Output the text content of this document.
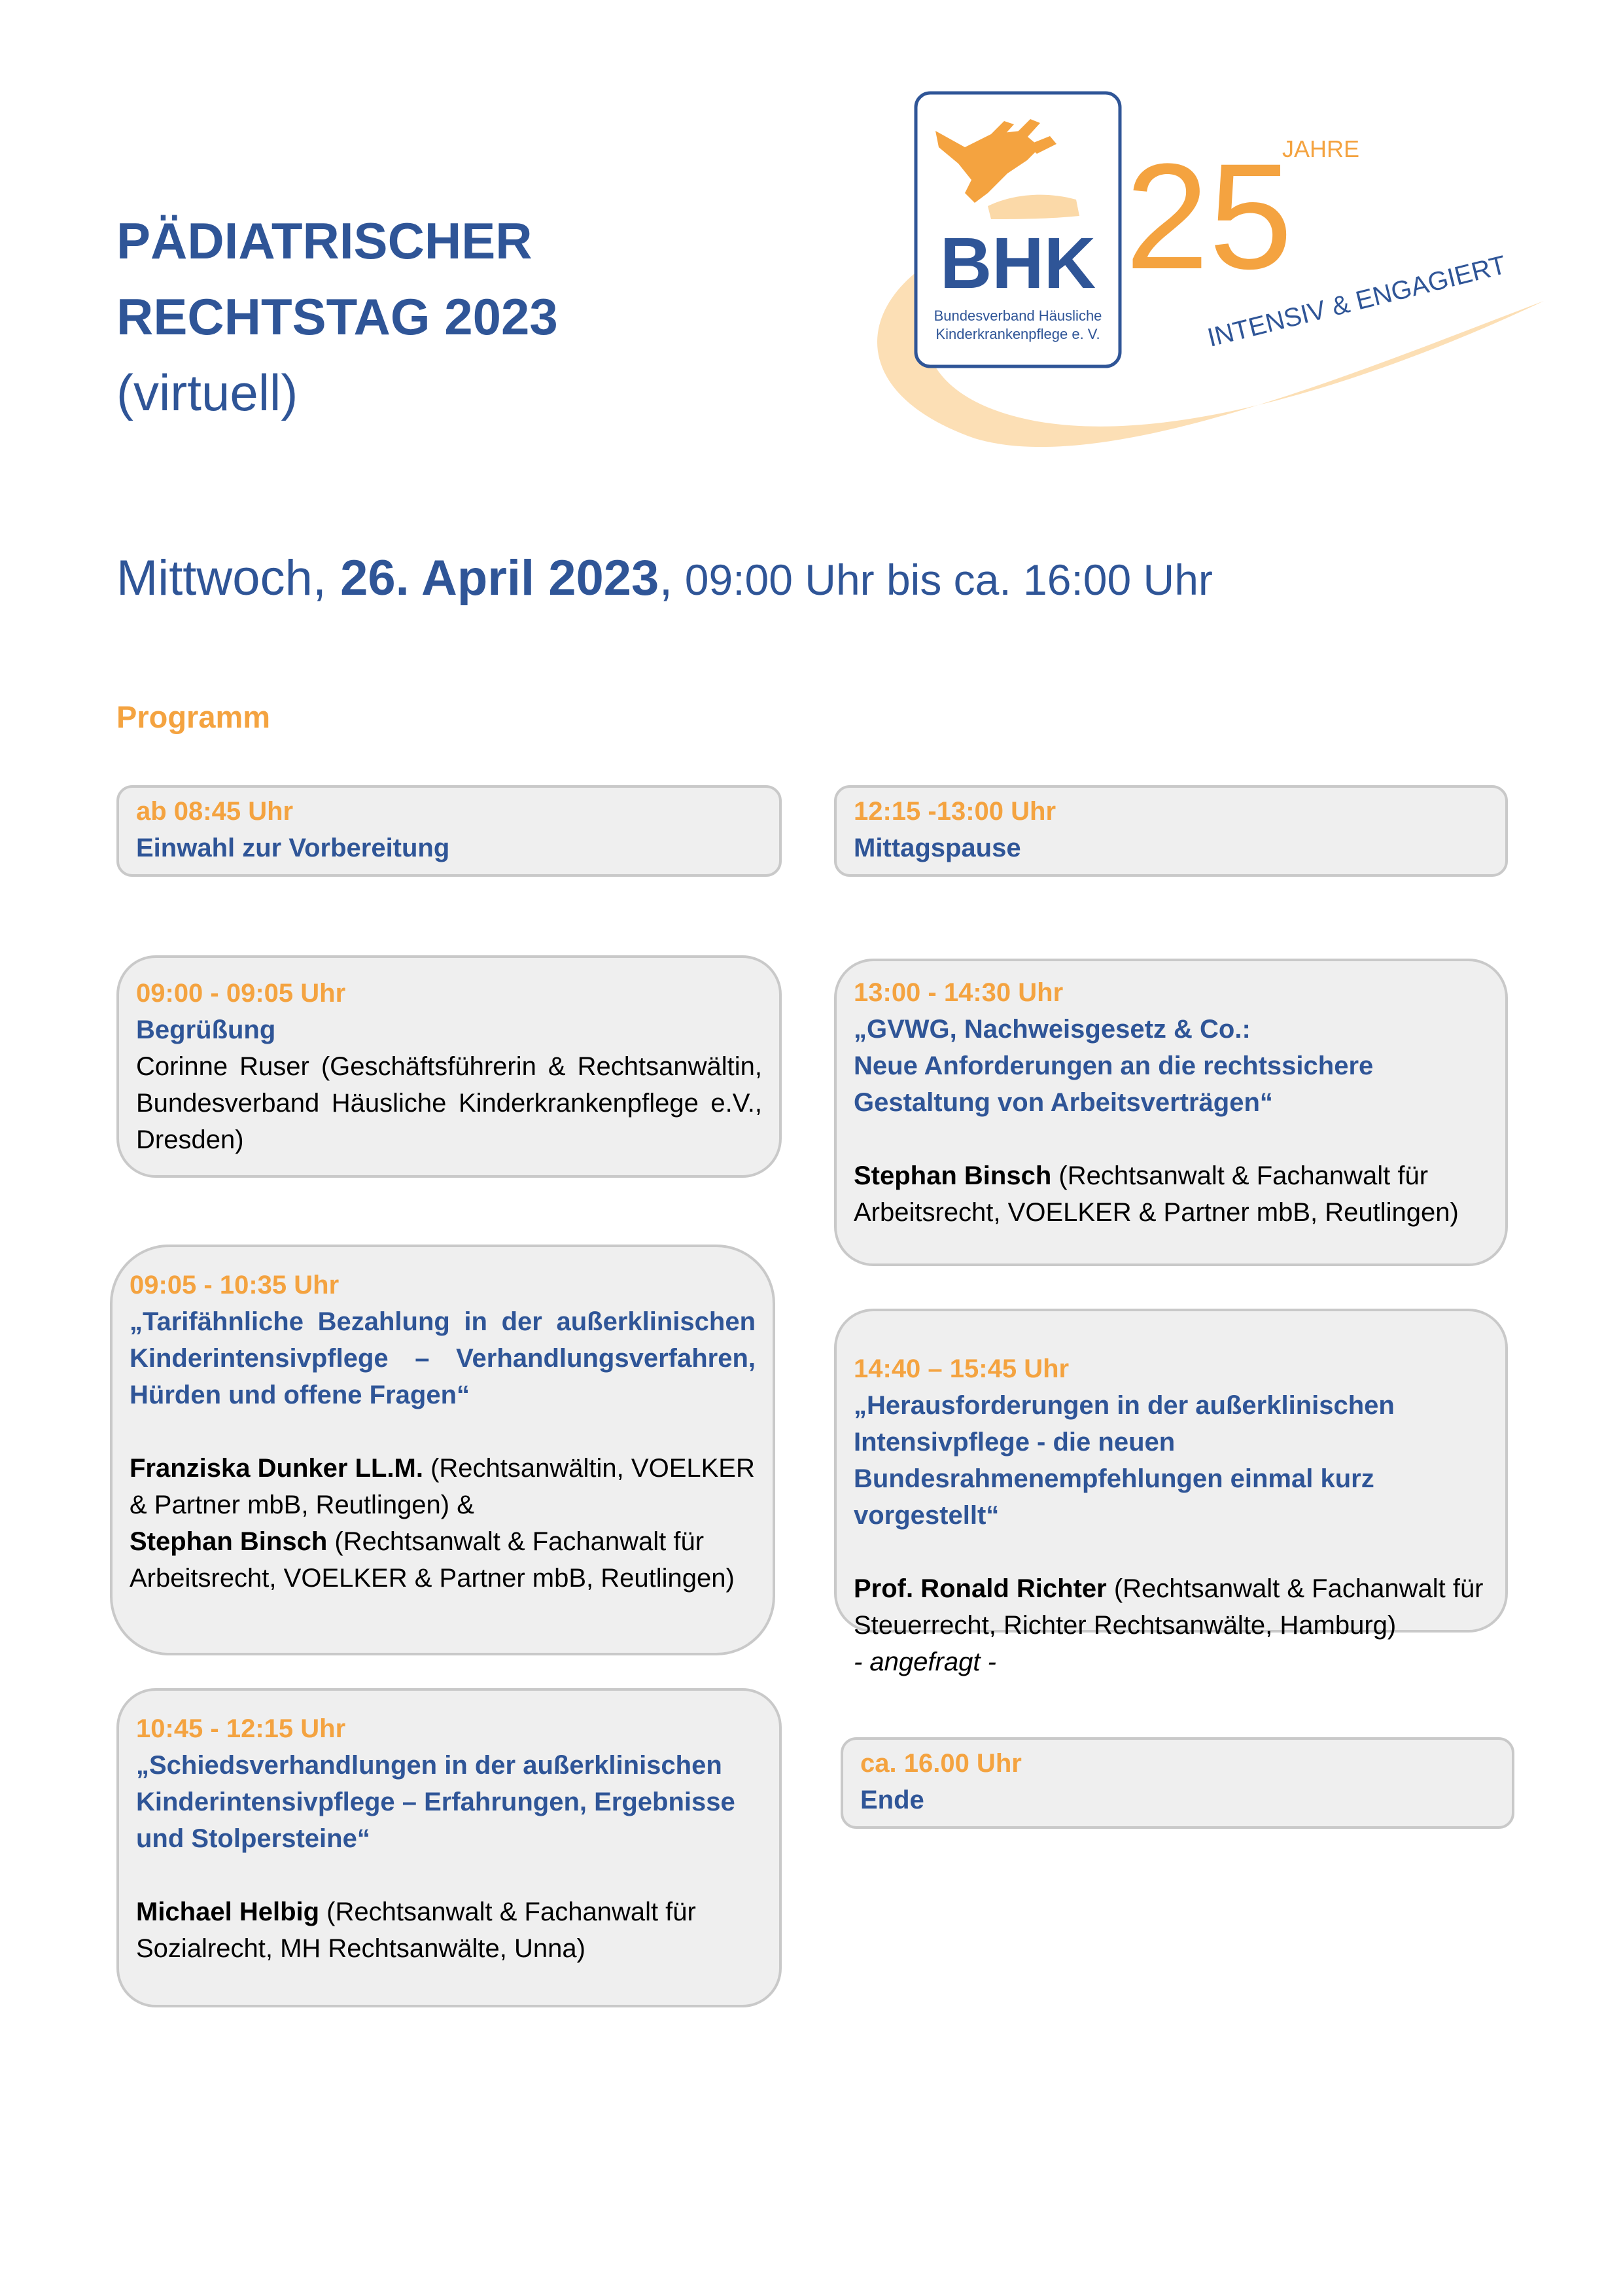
PÄDIATRISCHER
RECHTSTAG 2023
(virtuell)
BHK
Bundesverband Häusliche
Kinderkrankenpflege e. V.
25
JAHRE
INTENSIV & ENGAGIERT
Mittwoch, 26. April 2023, 09:00 Uhr bis ca. 16:00 Uhr
Programm
ab 08:45 Uhr
Einwahl zur Vorbereitung
09:00 - 09:05 Uhr
Begrüßung
Corinne Ruser (Geschäftsführerin & Rechtsanwältin, Bundesverband Häusliche Kinderkrankenpflege e.V., Dresden)
09:05 - 10:35 Uhr
„Tarifähnliche Bezahlung in der außerklinischen Kinderintensivpflege – Verhandlungsverfahren, Hürden und offene Fragen“
Franziska Dunker LL.M. (Rechtsanwältin, VOELKER & Partner mbB, Reutlingen) &
Stephan Binsch (Rechtsanwalt & Fachanwalt für Arbeitsrecht, VOELKER & Partner mbB, Reutlingen)
10:45 - 12:15 Uhr
„Schiedsverhandlungen in der außerklinischen Kinderintensivpflege – Erfahrungen, Ergebnisse und Stolpersteine“
Michael Helbig (Rechtsanwalt & Fachanwalt für Sozialrecht, MH Rechtsanwälte, Unna)
12:15 -13:00 Uhr
Mittagspause
13:00 - 14:30 Uhr
„GVWG, Nachweisgesetz & Co.:
Neue Anforderungen an die rechtssichere Gestaltung von Arbeitsverträgen“
Stephan Binsch (Rechtsanwalt & Fachanwalt für Arbeitsrecht, VOELKER & Partner mbB, Reutlingen)
14:40 – 15:45 Uhr
„Herausforderungen in der außerklinischen Intensivpflege - die neuen Bundesrahmenempfehlungen einmal kurz vorgestellt“
Prof. Ronald Richter (Rechtsanwalt & Fachanwalt für Steuerrecht, Richter Rechtsanwälte, Hamburg)
- angefragt -
ca. 16.00 Uhr
Ende
